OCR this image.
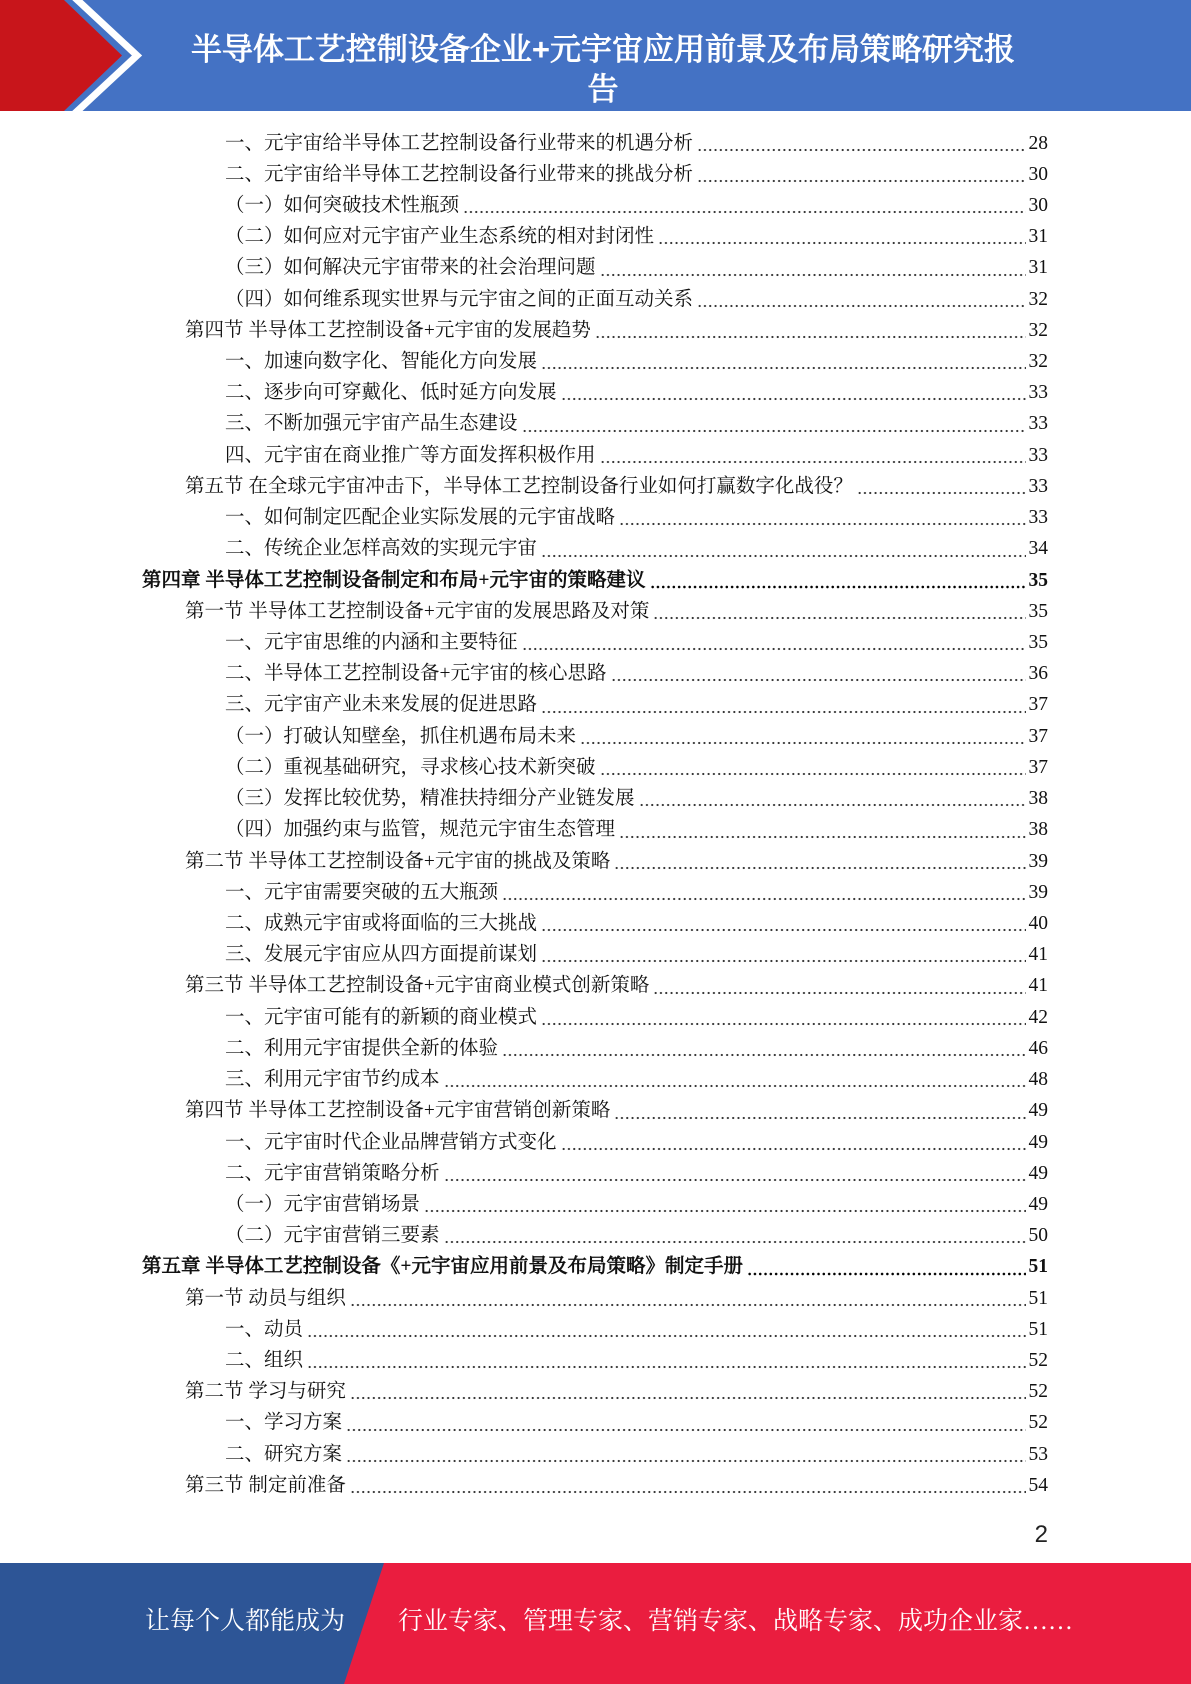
半导体工艺控制设备企业+元宇宙应用前景及布局策略研究报告
一、元宇宙给半导体工艺控制设备行业带来的机遇分析	28
二、元宇宙给半导体工艺控制设备行业带来的挑战分析	30
（一）如何突破技术性瓶颈	30
（二）如何应对元宇宙产业生态系统的相对封闭性	31
（三）如何解决元宇宙带来的社会治理问题	31
（四）如何维系现实世界与元宇宙之间的正面互动关系	32
第四节 半导体工艺控制设备+元宇宙的发展趋势	32
一、加速向数字化、智能化方向发展	32
二、逐步向可穿戴化、低时延方向发展	33
三、不断加强元宇宙产品生态建设	33
四、元宇宙在商业推广等方面发挥积极作用	33
第五节 在全球元宇宙冲击下，半导体工艺控制设备行业如何打赢数字化战役？	33
一、如何制定匹配企业实际发展的元宇宙战略	33
二、传统企业怎样高效的实现元宇宙	34
第四章 半导体工艺控制设备制定和布局+元宇宙的策略建议	35
第一节 半导体工艺控制设备+元宇宙的发展思路及对策	35
一、元宇宙思维的内涵和主要特征	35
二、半导体工艺控制设备+元宇宙的核心思路	36
三、元宇宙产业未来发展的促进思路	37
（一）打破认知壁垒，抓住机遇布局未来	37
（二）重视基础研究，寻求核心技术新突破	37
（三）发挥比较优势，精准扶持细分产业链发展	38
（四）加强约束与监管，规范元宇宙生态管理	38
第二节 半导体工艺控制设备+元宇宙的挑战及策略	39
一、元宇宙需要突破的五大瓶颈	39
二、成熟元宇宙或将面临的三大挑战	40
三、发展元宇宙应从四方面提前谋划	41
第三节 半导体工艺控制设备+元宇宙商业模式创新策略	41
一、元宇宙可能有的新颖的商业模式	42
二、利用元宇宙提供全新的体验	46
三、利用元宇宙节约成本	48
第四节 半导体工艺控制设备+元宇宙营销创新策略	49
一、元宇宙时代企业品牌营销方式变化	49
二、元宇宙营销策略分析	49
（一）元宇宙营销场景	49
（二）元宇宙营销三要素	50
第五章 半导体工艺控制设备《+元宇宙应用前景及布局策略》制定手册	51
第一节 动员与组织	51
一、动员	51
二、组织	52
第二节 学习与研究	52
一、学习方案	52
二、研究方案	53
第三节 制定前准备	54
2
让每个人都能成为 行业专家、管理专家、营销专家、战略专家、成功企业家……
